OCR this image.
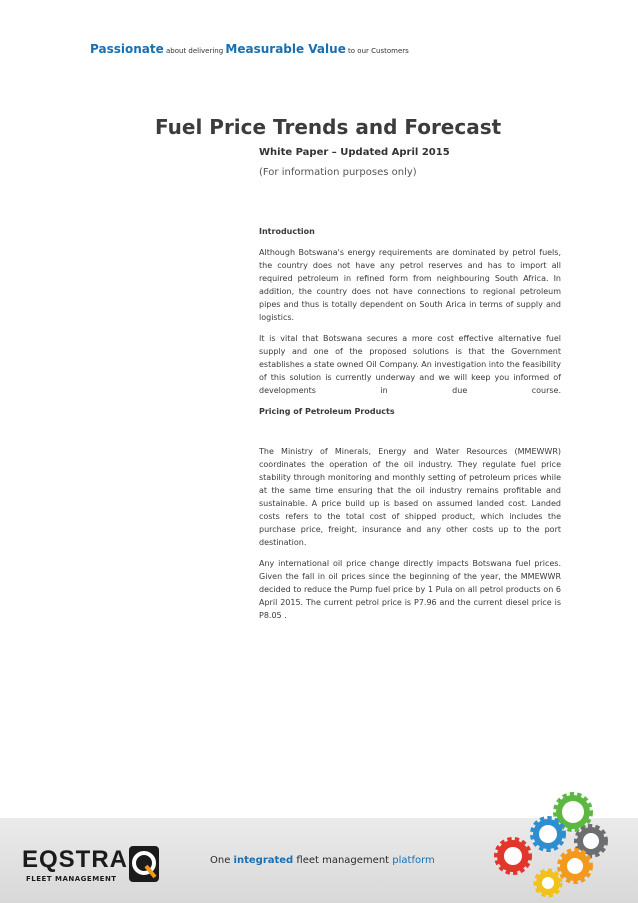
Passionate about delivering Measurable Value to our Customers
Fuel Price Trends and Forecast
White Paper – Updated April 2015
(For information purposes only)
Introduction

Although Botswana's energy requirements are dominated by petrol fuels, the country does not have any petrol reserves and has to import all required petroleum in refined form from neighbouring South Africa. In addition, the country does not have connections to regional petroleum pipes and thus is totally dependent on South Arica in terms of supply and logistics.

It is vital that Botswana secures a more cost effective alternative fuel supply and one of the proposed solutions is that the Government establishes a state owned Oil Company. An investigation into the feasibility of this solution is currently underway and we will keep you informed of developments in due course.

Pricing of Petroleum Products

The Ministry of Minerals, Energy and Water Resources (MMEWWR) coordinates the operation of the oil industry. They regulate fuel price stability through monitoring and monthly setting of petroleum prices while at the same time ensuring that the oil industry remains profitable and sustainable. A price build up is based on assumed landed cost. Landed costs refers to the total cost of shipped product, which includes the purchase price, freight, insurance and any other costs up to the port destination.

Any international oil price change directly impacts Botswana fuel prices. Given the fall in oil prices since the beginning of the year, the MMEWWR decided to reduce the Pump fuel price by 1 Pula on all petrol products on 6 April 2015. The current petrol price is P7.96 and the current diesel price is P8.05 .

EQSTRA
FLEET MANAGEMENT
One integrated fleet management platform
